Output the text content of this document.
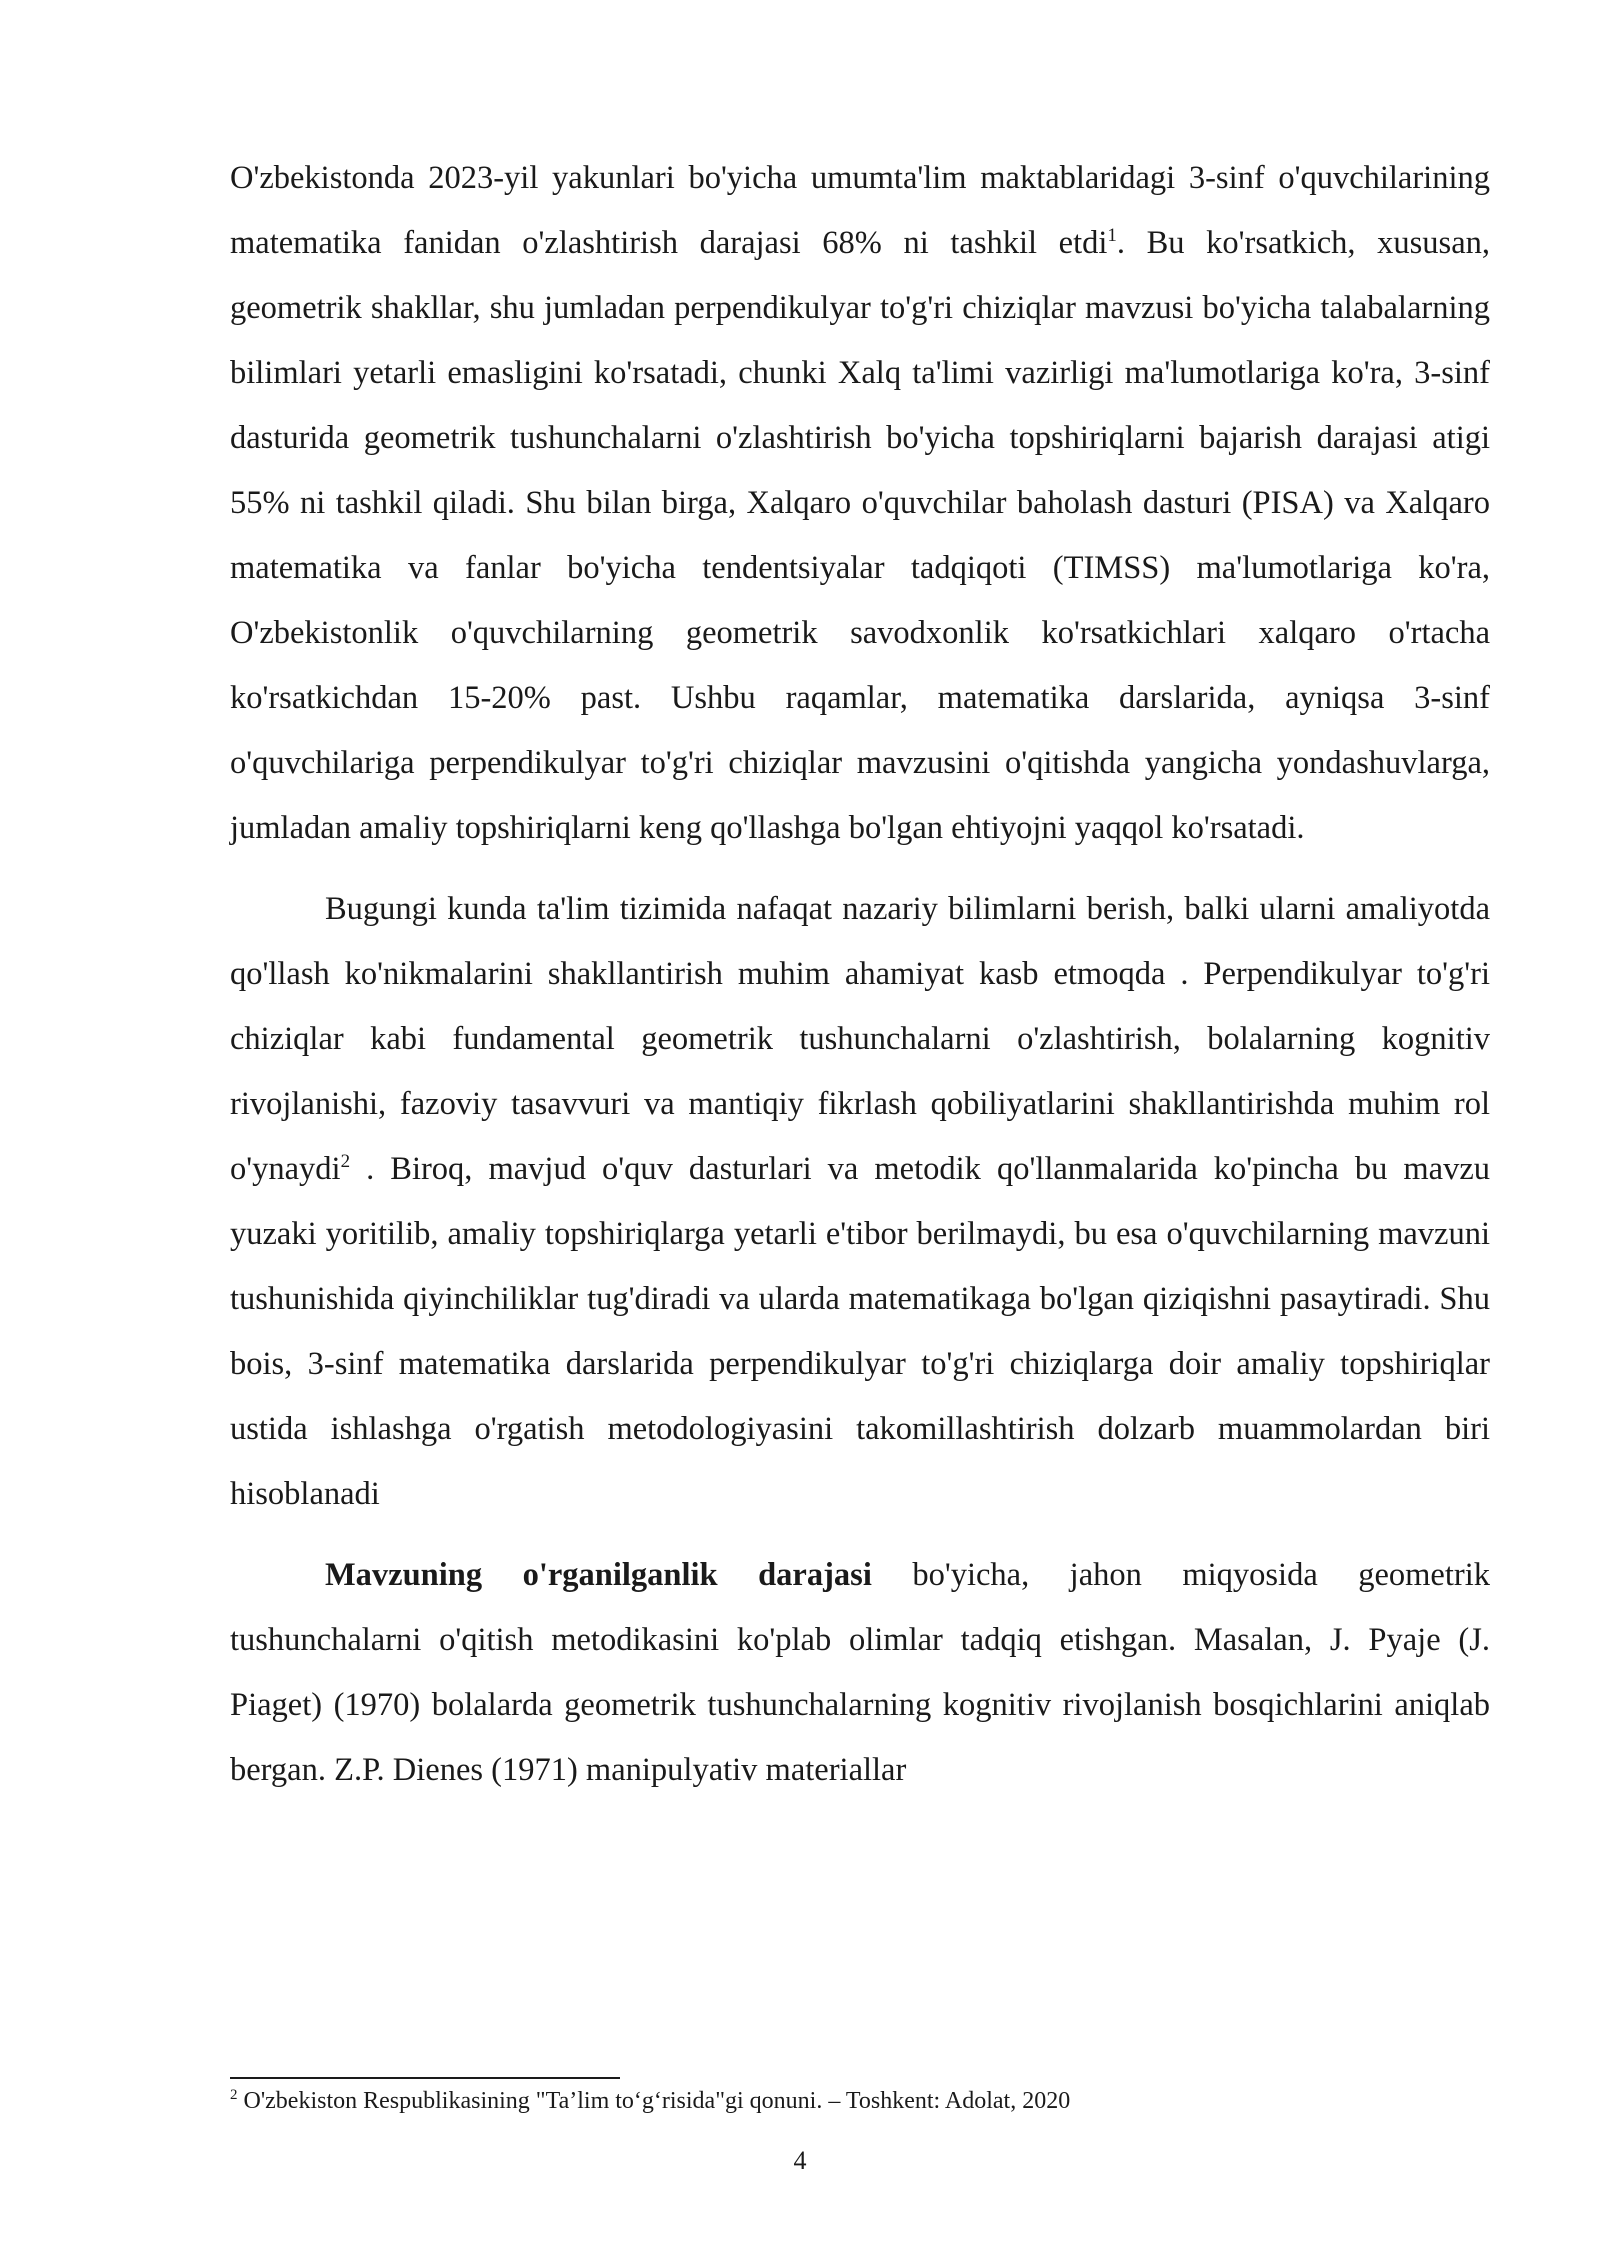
O'zbekistonda 2023-yil yakunlari bo'yicha umumta'lim maktablaridagi 3-sinf o'quvchilarining matematika fanidan o'zlashtirish darajasi 68% ni tashkil etdi$^1$. Bu ko'rsatkich, xususan, geometrik shakllar, shu jumladan perpendikulyar to'g'ri chiziqlar mavzusi bo'yicha talabalarning bilimlari yetarli emasligini ko'rsatadi, chunki Xalq ta'limi vazirligi ma'lumotlariga ko'ra, 3-sinf dasturida geometrik tushunchalarni o'zlashtirish bo'yicha topshiriqlarni bajarish darajasi atigi 55% ni tashkil qiladi. Shu bilan birga, Xalqaro o'quvchilar baholash dasturi (PISA) va Xalqaro matematika va fanlar bo'yicha tendentsiyalar tadqiqoti (TIMSS) ma'lumotlariga ko'ra, O'zbekistonlik o'quvchilarning geometrik savodxonlik ko'rsatkichlari xalqaro o'rtacha ko'rsatkichdan 15-20% past. Ushbu raqamlar, matematika darslarida, ayniqsa 3-sinf o'quvchilariga perpendikulyar to'g'ri chiziqlar mavzusini o'qitishda yangicha yondashuvlarga, jumladan amaliy topshiriqlarni keng qo'llashga bo'lgan ehtiyojni yaqqol ko'rsatadi.

Bugungi kunda ta'lim tizimida nafaqat nazariy bilimlarni berish, balki ularni amaliyotda qo'llash ko'nikmalarini shakllantirish muhim ahamiyat kasb etmoqda . Perpendikulyar to'g'ri chiziqlar kabi fundamental geometrik tushunchalarni o'zlashtirish, bolalarning kognitiv rivojlanishi, fazoviy tasavvuri va mantiqiy fikrlash qobiliyatlarini shakllantirishda muhim rol o'ynaydi$^2$ . Biroq, mavjud o'quv dasturlari va metodik qo'llanmalarida ko'pincha bu mavzu yuzaki yoritilib, amaliy topshiriqlarga yetarli e'tibor berilmaydi, bu esa o'quvchilarning mavzuni tushunishida qiyinchiliklar tug'diradi va ularda matematikaga bo'lgan qiziqishni pasaytiradi. Shu bois, 3-sinf matematika darslarida perpendikulyar to'g'ri chiziqlarga doir amaliy topshiriqlar ustida ishlashga o'rgatish metodologiyasini takomillashtirish dolzarb muammolardan biri hisoblanadi

Mavzuning o'rganilganlik darajasi bo'yicha, jahon miqyosida geometrik tushunchalarni o'qitish metodikasini ko'plab olimlar tadqiq etishgan. Masalan, J. Pyaje (J. Piaget) (1970) bolalarda geometrik tushunchalarning kognitiv rivojlanish bosqichlarini aniqlab bergan. Z.P. Dienes (1971) manipulyativ materiallar

$^2$ O'zbekiston Respublikasining "Ta’lim to‘g‘risida"gi qonuni. – Toshkent: Adolat, 2020
4
